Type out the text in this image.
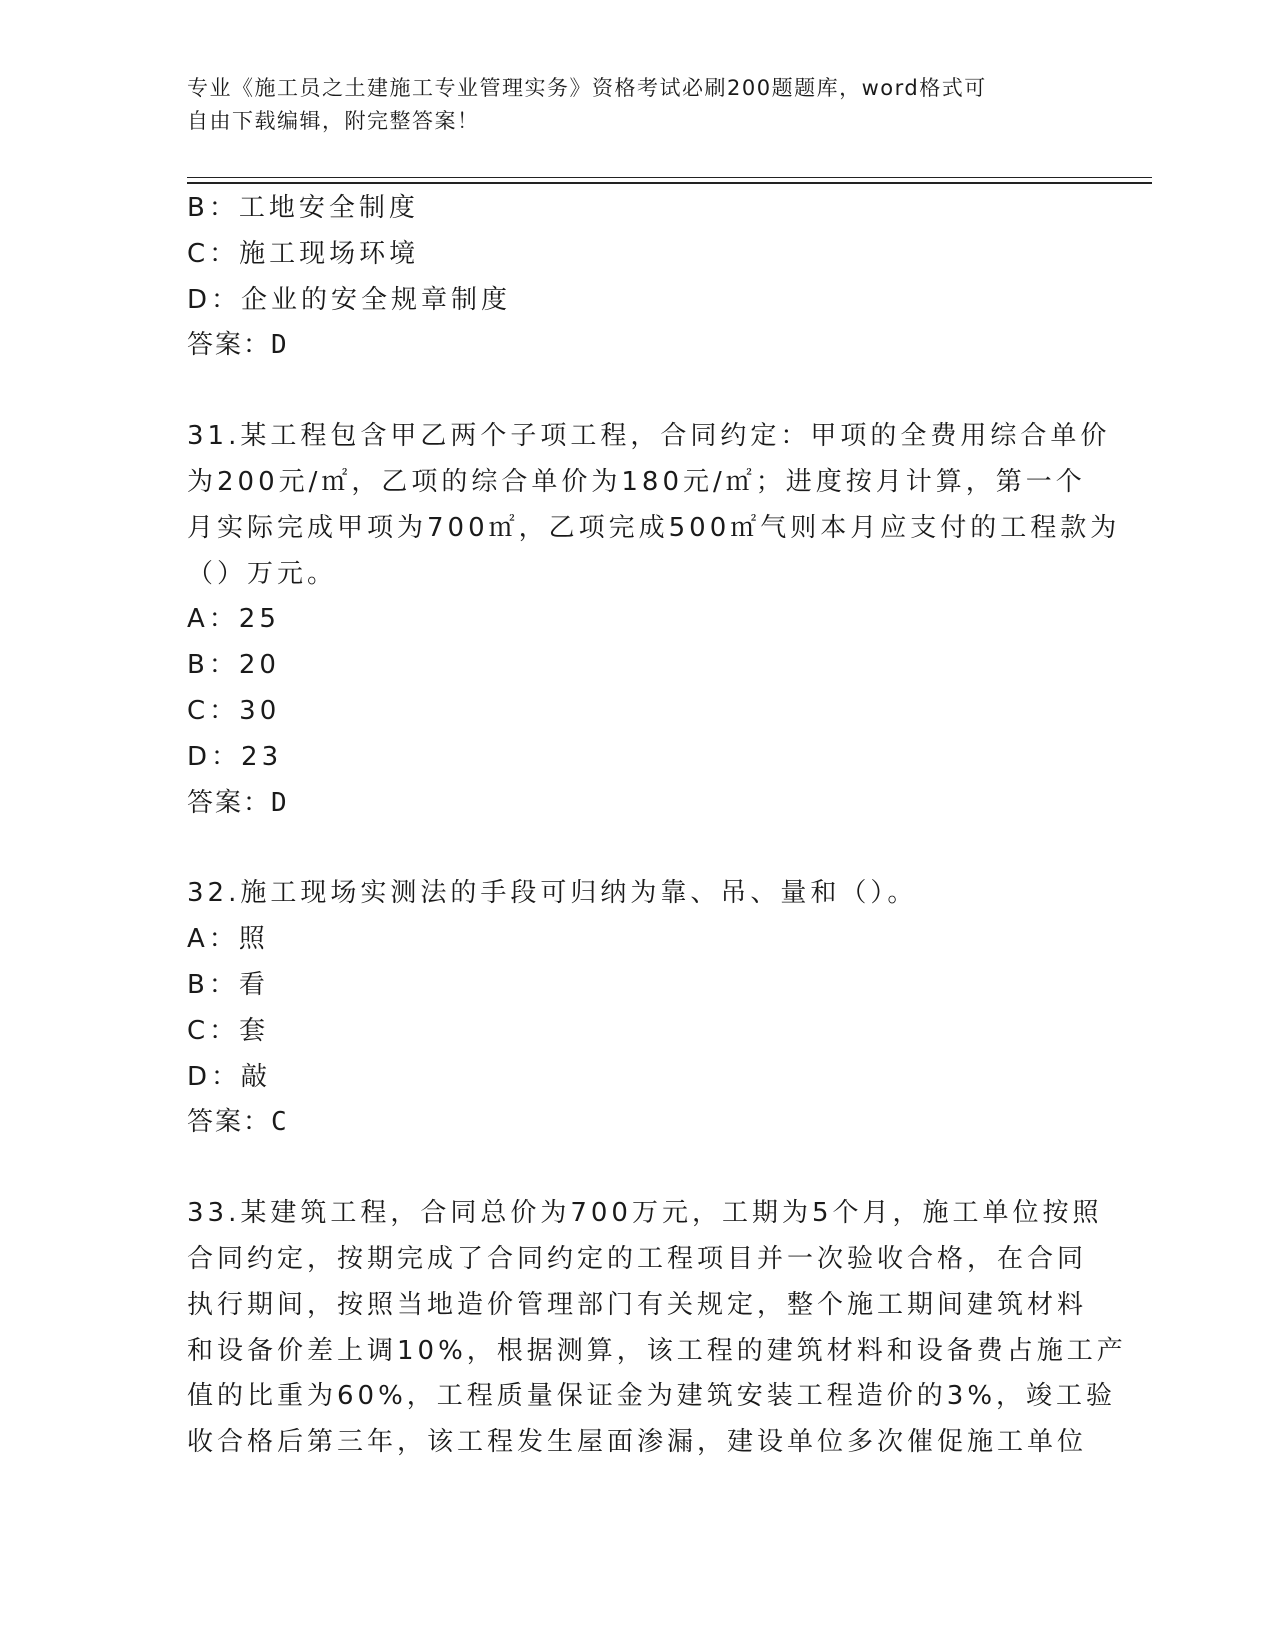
专业《施工员之土建施工专业管理实务》资格考试必刷200题题库，word格式可
自由下载编辑，附完整答案！
B：工地安全制度
C：施工现场环境
D：企业的安全规章制度
答案：D
31.某工程包含甲乙两个子项工程，合同约定：甲项的全费用综合单价
为200元/㎡，乙项的综合单价为180元/㎡；进度按月计算，第一个
月实际完成甲项为700㎡，乙项完成500㎡气则本月应支付的工程款为
（）万元。
A：25
B：20
C：30
D：23
答案：D
32.施工现场实测法的手段可归纳为靠、吊、量和（）。
A：照
B：看
C：套
D：敲
答案：C
33.某建筑工程，合同总价为700万元，工期为5个月，施工单位按照
合同约定，按期完成了合同约定的工程项目并一次验收合格，在合同
执行期间，按照当地造价管理部门有关规定，整个施工期间建筑材料
和设备价差上调10%，根据测算，该工程的建筑材料和设备费占施工产
值的比重为60%，工程质量保证金为建筑安装工程造价的3%，竣工验
收合格后第三年，该工程发生屋面渗漏，建设单位多次催促施工单位
